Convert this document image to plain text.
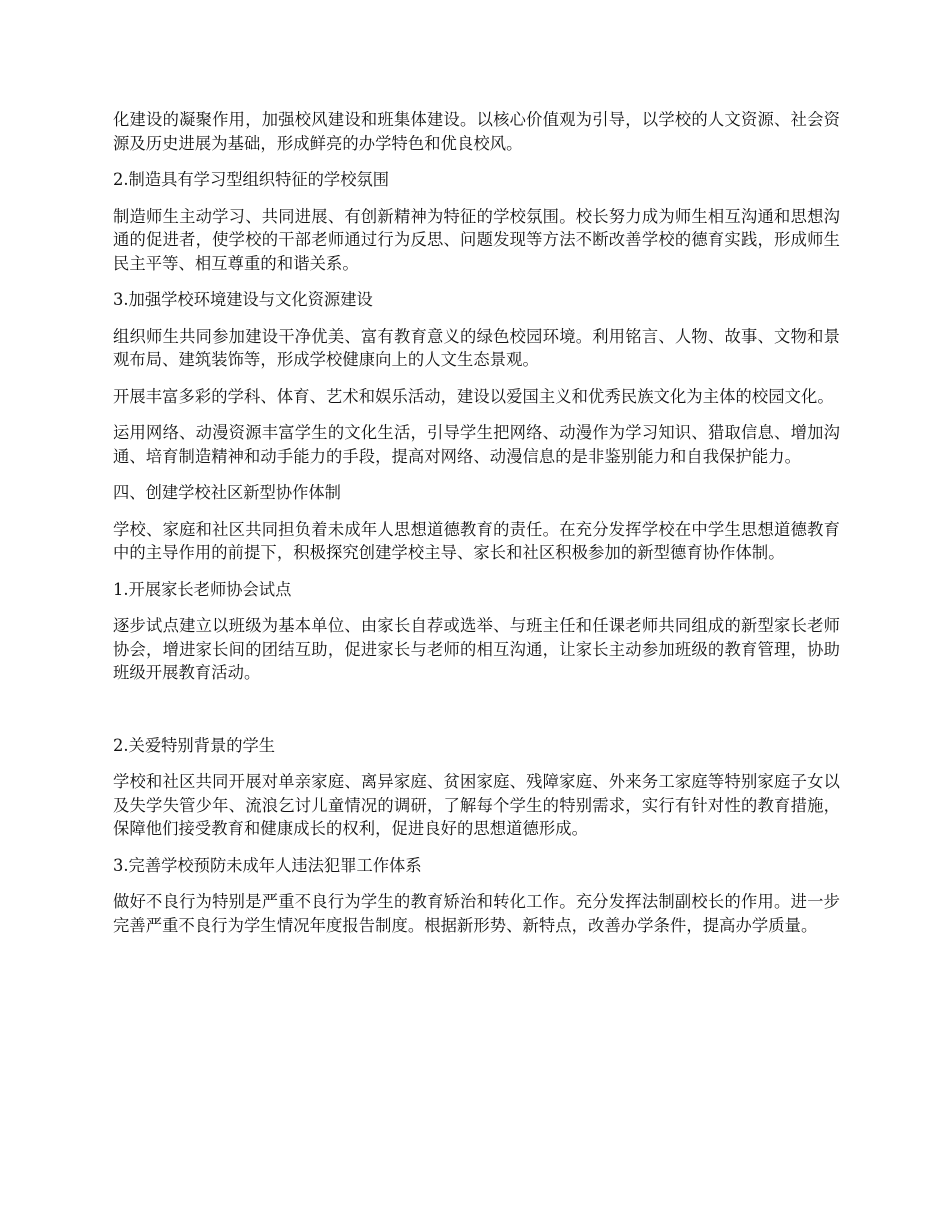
化建设的凝聚作用，加强校风建设和班集体建设。以核心价值观为引导，以学校的人文资源、社会资源及历史进展为基础，形成鲜亮的办学特色和优良校风。

2.制造具有学习型组织特征的学校氛围

制造师生主动学习、共同进展、有创新精神为特征的学校氛围。校长努力成为师生相互沟通和思想沟通的促进者，使学校的干部老师通过行为反思、问题发现等方法不断改善学校的德育实践，形成师生民主平等、相互尊重的和谐关系。

3.加强学校环境建设与文化资源建设

组织师生共同参加建设干净优美、富有教育意义的绿色校园环境。利用铭言、人物、故事、文物和景观布局、建筑装饰等，形成学校健康向上的人文生态景观。

开展丰富多彩的学科、体育、艺术和娱乐活动，建设以爱国主义和优秀民族文化为主体的校园文化。

运用网络、动漫资源丰富学生的文化生活，引导学生把网络、动漫作为学习知识、猎取信息、增加沟通、培育制造精神和动手能力的手段，提高对网络、动漫信息的是非鉴别能力和自我保护能力。

四、创建学校社区新型协作体制

学校、家庭和社区共同担负着未成年人思想道德教育的责任。在充分发挥学校在中学生思想道德教育中的主导作用的前提下，积极探究创建学校主导、家长和社区积极参加的新型德育协作体制。

1.开展家长老师协会试点

逐步试点建立以班级为基本单位、由家长自荐或选举、与班主任和任课老师共同组成的新型家长老师协会，增进家长间的团结互助，促进家长与老师的相互沟通，让家长主动参加班级的教育管理，协助班级开展教育活动。

2.关爱特别背景的学生

学校和社区共同开展对单亲家庭、离异家庭、贫困家庭、残障家庭、外来务工家庭等特别家庭子女以及失学失管少年、流浪乞讨儿童情况的调研，了解每个学生的特别需求，实行有针对性的教育措施，保障他们接受教育和健康成长的权利，促进良好的思想道德形成。

3.完善学校预防未成年人违法犯罪工作体系

做好不良行为特别是严重不良行为学生的教育矫治和转化工作。充分发挥法制副校长的作用。进一步完善严重不良行为学生情况年度报告制度。根据新形势、新特点，改善办学条件，提高办学质量。
